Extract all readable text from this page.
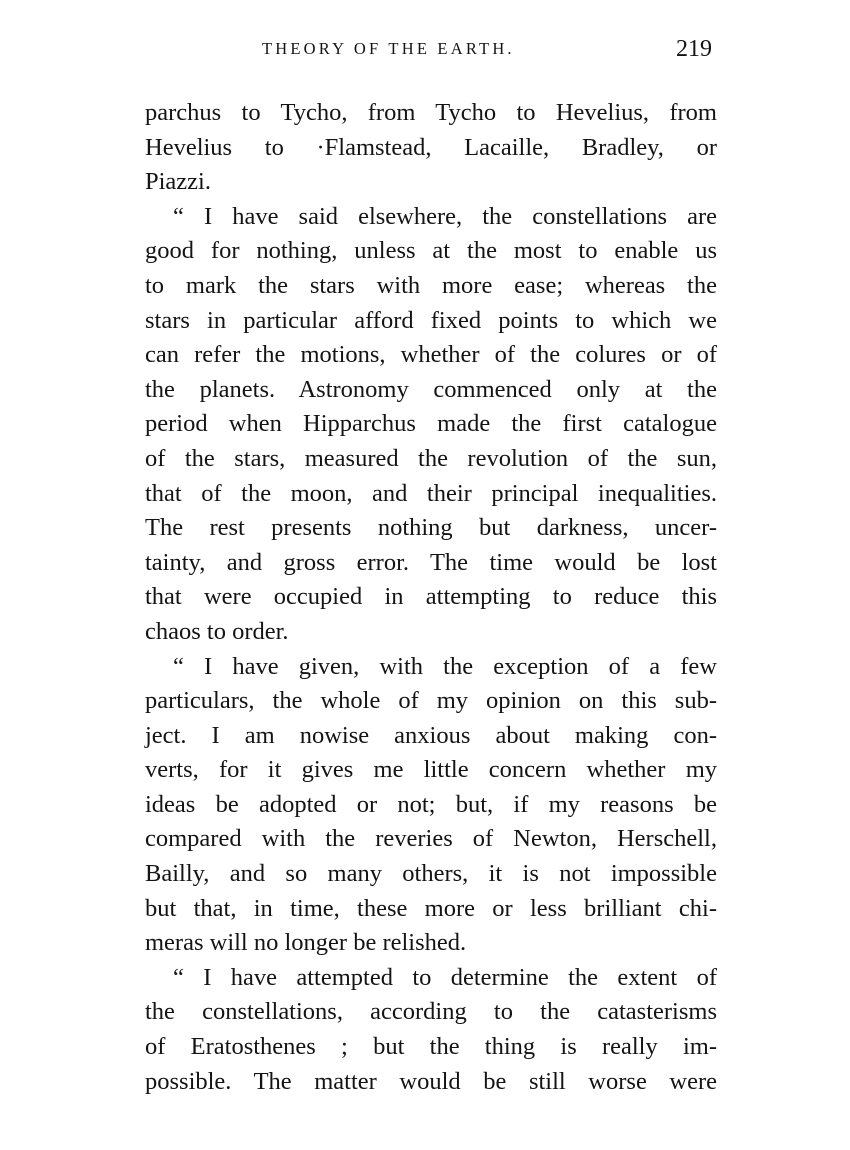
THEORY OF THE EARTH.	219
parchus to Tycho, from Tycho to Hevelius, from
Hevelius to ·Flamstead, Lacaille, Bradley, or
Piazzi.
“ I have said elsewhere, the constellations are
good for nothing, unless at the most to enable us
to mark the stars with more ease; whereas the
stars in particular afford fixed points to which we
can refer the motions, whether of the colures or of
the planets. Astronomy commenced only at the
period when Hipparchus made the first catalogue
of the stars, measured the revolution of the sun,
that of the moon, and their principal inequalities.
The rest presents nothing but darkness, uncer-
tainty, and gross error. The time would be lost
that were occupied in attempting to reduce this
chaos to order.
“ I have given, with the exception of a few
particulars, the whole of my opinion on this sub-
ject. I am nowise anxious about making con-
verts, for it gives me little concern whether my
ideas be adopted or not; but, if my reasons be
compared with the reveries of Newton, Herschell,
Bailly, and so many others, it is not impossible
but that, in time, these more or less brilliant chi-
meras will no longer be relished.
“ I have attempted to determine the extent of
the constellations, according to the catasterisms
of Eratosthenes ; but the thing is really im-
possible. The matter would be still worse were
